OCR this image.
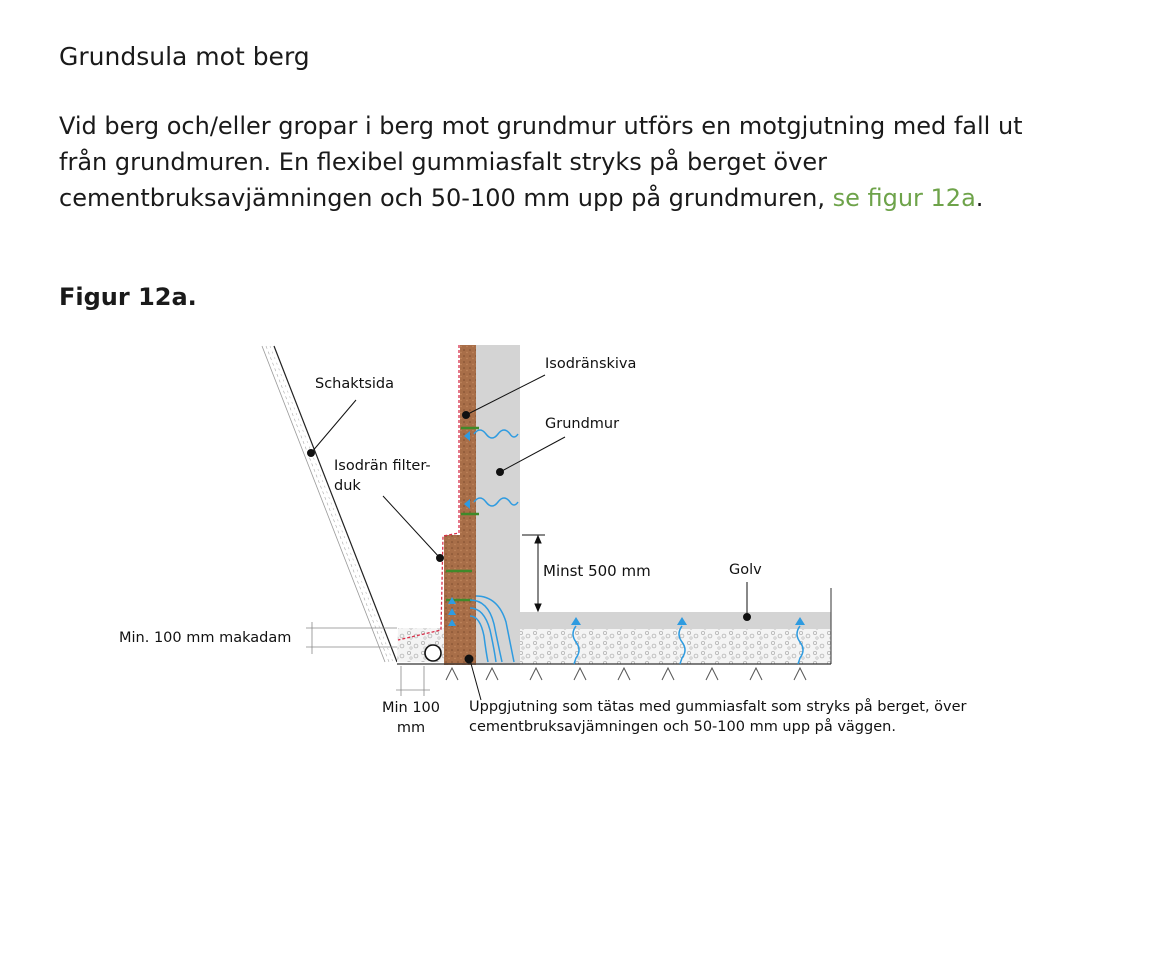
Grundsula mot berg

Vid berg och/eller gropar i berg mot grundmur utförs en motgjutning med fall ut från grundmuren. En flexibel gummiasfalt stryks på berget över cementbruksavjämningen och 50-100 mm upp på grundmuren, se figur 12a.

Figur 12a.
Schaktsida
Isodränskiva
Grundmur
Isodrän filter-
duk
Minst 500 mm	Golv
Min. 100 mm makadam
Min 100
mm
Uppgjutning som tätas med gummiasfalt som stryks på berget, över
cementbruksavjämningen och 50-100 mm upp på väggen.
